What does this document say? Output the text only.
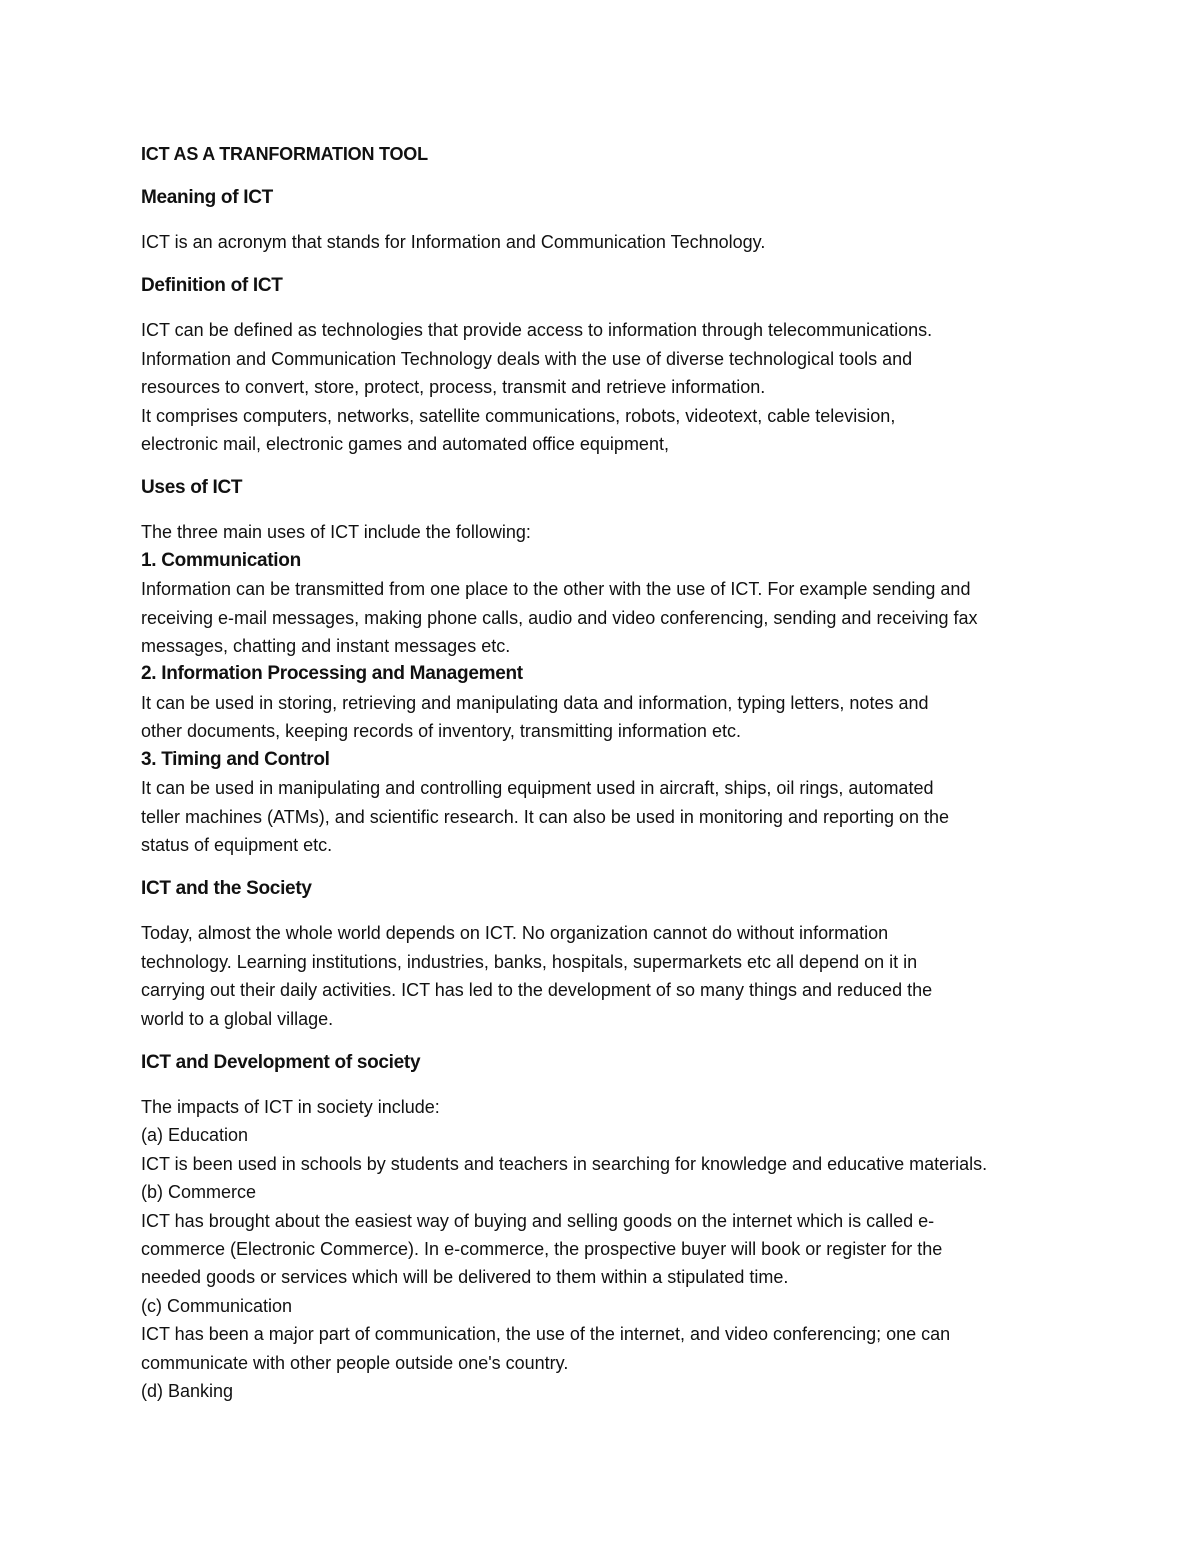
ICT AS A TRANFORMATION TOOL

Meaning of ICT

ICT is an acronym that stands for Information and Communication Technology.

Definition of ICT

ICT can be defined as technologies that provide access to information through telecommunications.

Information and Communication Technology deals with the use of diverse technological tools and

resources to convert, store, protect, process, transmit and retrieve information.

It comprises computers, networks, satellite communications, robots, videotext, cable television,

electronic mail, electronic games and automated office equipment,

Uses of ICT

The three main uses of ICT include the following:

1. Communication

Information can be transmitted from one place to the other with the use of ICT. For example sending and

receiving e-mail messages, making phone calls, audio and video conferencing, sending and receiving fax

messages, chatting and instant messages etc.

2. Information Processing and Management

It can be used in storing, retrieving and manipulating data and information, typing letters, notes and

other documents, keeping records of inventory, transmitting information etc.

3. Timing and Control

It can be used in manipulating and controlling equipment used in aircraft, ships, oil rings, automated

teller machines (ATMs), and scientific research. It can also be used in monitoring and reporting on the

status of equipment etc.

ICT and the Society

Today, almost the whole world depends on ICT. No organization cannot do without information

technology. Learning institutions, industries, banks, hospitals, supermarkets etc all depend on it in

carrying out their daily activities. ICT has led to the development of so many things and reduced the

world to a global village.

ICT and Development of society

The impacts of ICT in society include:

(a) Education

ICT is been used in schools by students and teachers in searching for knowledge and educative materials.

(b) Commerce

ICT has brought about the easiest way of buying and selling goods on the internet which is called e-

commerce (Electronic Commerce). In e-commerce, the prospective buyer will book or register for the

needed goods or services which will be delivered to them within a stipulated time.

(c) Communication

ICT has been a major part of communication, the use of the internet, and video conferencing; one can

communicate with other people outside one's country.

(d) Banking
